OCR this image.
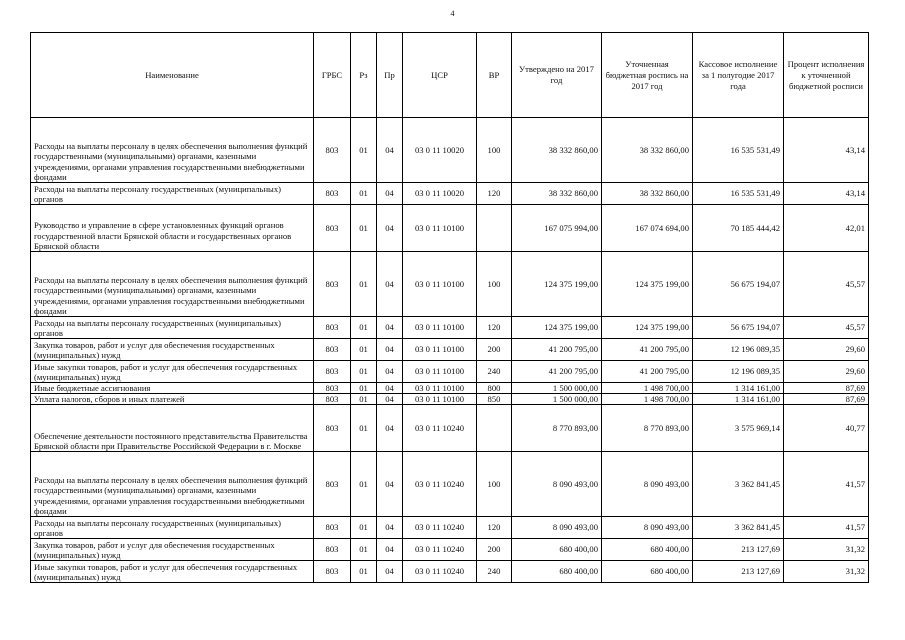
4
Наименование	ГРБС	Рз	Пр	ЦСР	ВР	Утверждено на 2017 год	Уточненная бюджетная роспись на 2017 год	Кассовое исполнение за 1 полугодие 2017 года	Процент исполнения к уточненной бюджетной росписи
Расходы на выплаты персоналу в целях обеспечения выполнения функций государственными (муниципальными) органами, казенными учреждениями, органами управления государственными внебюджетными фондами	803	01	04	03 0 11 10020	100	38 332 860,00	38 332 860,00	16 535 531,49	43,14
Расходы на выплаты персоналу государственных (муниципальных) органов	803	01	04	03 0 11 10020	120	38 332 860,00	38 332 860,00	16 535 531,49	43,14
Руководство и управление в сфере установленных функций органов государственной власти Брянской области и государственных органов Брянской области	803	01	04	03 0 11 10100		167 075 994,00	167 074 694,00	70 185 444,42	42,01
Расходы на выплаты персоналу в целях обеспечения выполнения функций государственными (муниципальными) органами, казенными учреждениями, органами управления государственными внебюджетными фондами	803	01	04	03 0 11 10100	100	124 375 199,00	124 375 199,00	56 675 194,07	45,57
Расходы на выплаты персоналу государственных (муниципальных) органов	803	01	04	03 0 11 10100	120	124 375 199,00	124 375 199,00	56 675 194,07	45,57
Закупка товаров, работ и услуг для обеспечения государственных (муниципальных) нужд	803	01	04	03 0 11 10100	200	41 200 795,00	41 200 795,00	12 196 089,35	29,60
Иные закупки товаров, работ и услуг для обеспечения государственных (муниципальных) нужд	803	01	04	03 0 11 10100	240	41 200 795,00	41 200 795,00	12 196 089,35	29,60
Иные бюджетные ассигнования	803	01	04	03 0 11 10100	800	1 500 000,00	1 498 700,00	1 314 161,00	87,69
Уплата налогов, сборов и иных платежей	803	01	04	03 0 11 10100	850	1 500 000,00	1 498 700,00	1 314 161,00	87,69
Обеспечение деятельности постоянного представительства Правительства Брянской области при Правительстве Российской Федерации в г. Москве	803	01	04	03 0 11 10240		8 770 893,00	8 770 893,00	3 575 969,14	40,77
Расходы на выплаты персоналу в целях обеспечения выполнения функций государственными (муниципальными) органами, казенными учреждениями, органами управления государственными внебюджетными фондами	803	01	04	03 0 11 10240	100	8 090 493,00	8 090 493,00	3 362 841,45	41,57
Расходы на выплаты персоналу государственных (муниципальных) органов	803	01	04	03 0 11 10240	120	8 090 493,00	8 090 493,00	3 362 841,45	41,57
Закупка товаров, работ и услуг для обеспечения государственных (муниципальных) нужд	803	01	04	03 0 11 10240	200	680 400,00	680 400,00	213 127,69	31,32
Иные закупки товаров, работ и услуг для обеспечения государственных (муниципальных) нужд	803	01	04	03 0 11 10240	240	680 400,00	680 400,00	213 127,69	31,32
